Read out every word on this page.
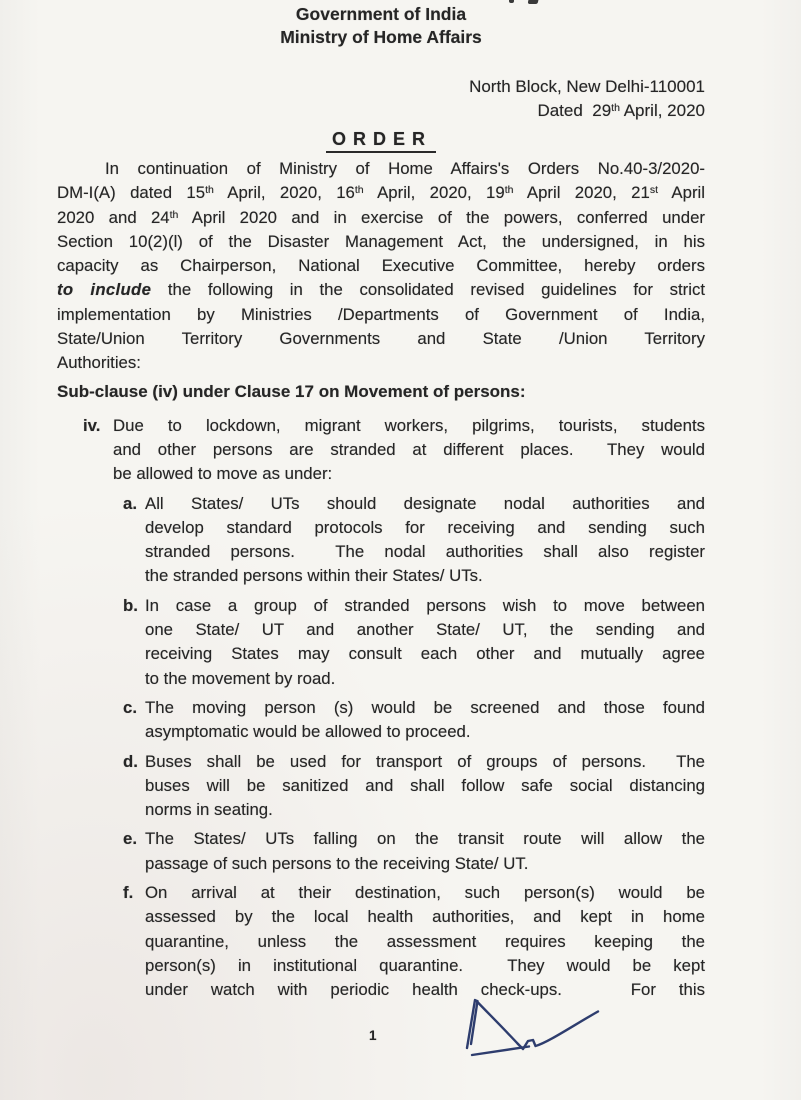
Government of India
Ministry of Home Affairs
North Block, New Delhi-110001
Dated  29th April, 2020
ORDER
In continuation of Ministry of Home Affairs's Orders No.40-3/2020-
DM-I(A) dated 15th April, 2020, 16th April, 2020, 19th April 2020, 21st April
2020 and 24th April 2020 and in exercise of the powers, conferred under
Section 10(2)(l) of the Disaster Management Act, the undersigned, in his
capacity as Chairperson, National Executive Committee, hereby orders
to include the following in the consolidated revised guidelines for strict
implementation by Ministries /Departments of Government of India,
State/Union Territory Governments and State /Union Territory
Authorities:
Sub-clause (iv) under Clause 17 on Movement of persons:
iv. Due to lockdown, migrant workers, pilgrims, tourists, students
and other persons are stranded at different places.  They would
be allowed to move as under:
a. All States/ UTs should designate nodal authorities and
develop standard protocols for receiving and sending such
stranded persons.  The nodal authorities shall also register
the stranded persons within their States/ UTs.
b. In case a group of stranded persons wish to move between
one State/ UT and another State/ UT, the sending and
receiving States may consult each other and mutually agree
to the movement by road.
c. The moving person (s) would be screened and those found
asymptomatic would be allowed to proceed.
d. Buses shall be used for transport of groups of persons.  The
buses will be sanitized and shall follow safe social distancing
norms in seating.
e. The States/ UTs falling on the transit route will allow the
passage of such persons to the receiving State/ UT.
f. On arrival at their destination, such person(s) would be
assessed by the local health authorities, and kept in home
quarantine, unless the assessment requires keeping the
person(s) in institutional quarantine.  They would be kept
under watch with periodic health check-ups.   For this
1
